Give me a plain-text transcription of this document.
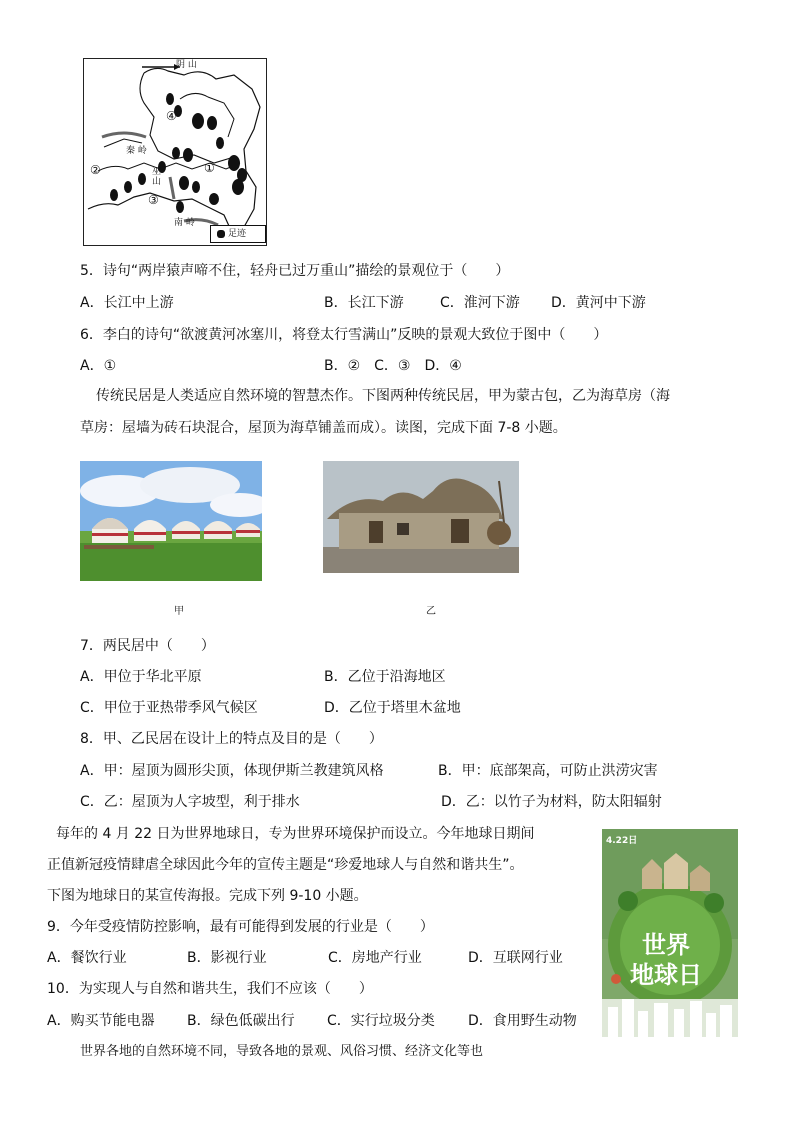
阴 山
秦 岭
巫 山
南 岭
④
②
③
①
足迹
5．诗句“两岸猿声啼不住，轻舟已过万重山”描绘的景观位于（　　）
A．长江中上游	B．长江下游	C．淮河下游 D．黄河中下游
6．李白的诗句“欲渡黄河冰塞川，将登太行雪满山”反映的景观大致位于图中（　　）
A．①	B．②　C．③　D．④
传统民居是人类适应自然环境的智慧杰作。下图两种传统民居，甲为蒙古包，乙为海草房（海
草房：屋墙为砖石块混合，屋顶为海草铺盖而成）。读图，完成下面 7-8 小题。
甲	乙
7．两民居中（　　）
A．甲位于华北平原	B．乙位于沿海地区
C．甲位于亚热带季风气候区	D．乙位于塔里木盆地
8．甲、乙民居在设计上的特点及目的是（　　）
A．甲：屋顶为圆形尖顶，体现伊斯兰教建筑风格	B．甲：底部架高，可防止洪涝灾害
C．乙：屋顶为人字坡型，利于排水	D．乙：以竹子为材料，防太阳辐射
每年的 4 月 22 日为世界地球日，专为世界环境保护而设立。今年地球日期间
正值新冠疫情肆虐全球因此今年的宣传主题是“珍爱地球人与自然和谐共生”。
下图为地球日的某宣传海报。完成下列 9-10 小题。
9．今年受疫情防控影响，最有可能得到发展的行业是（　　）
A．餐饮行业	B．影视行业	C．房地产行业	D．互联网行业
10．为实现人与自然和谐共生，我们不应该（　　）
A．购买节能电器 B．绿色低碳出行 C．实行垃圾分类 D．食用野生动物
世界各地的自然环境不同，导致各地的景观、风俗习惯、经济文化等也
4.22日
世界
地球日
